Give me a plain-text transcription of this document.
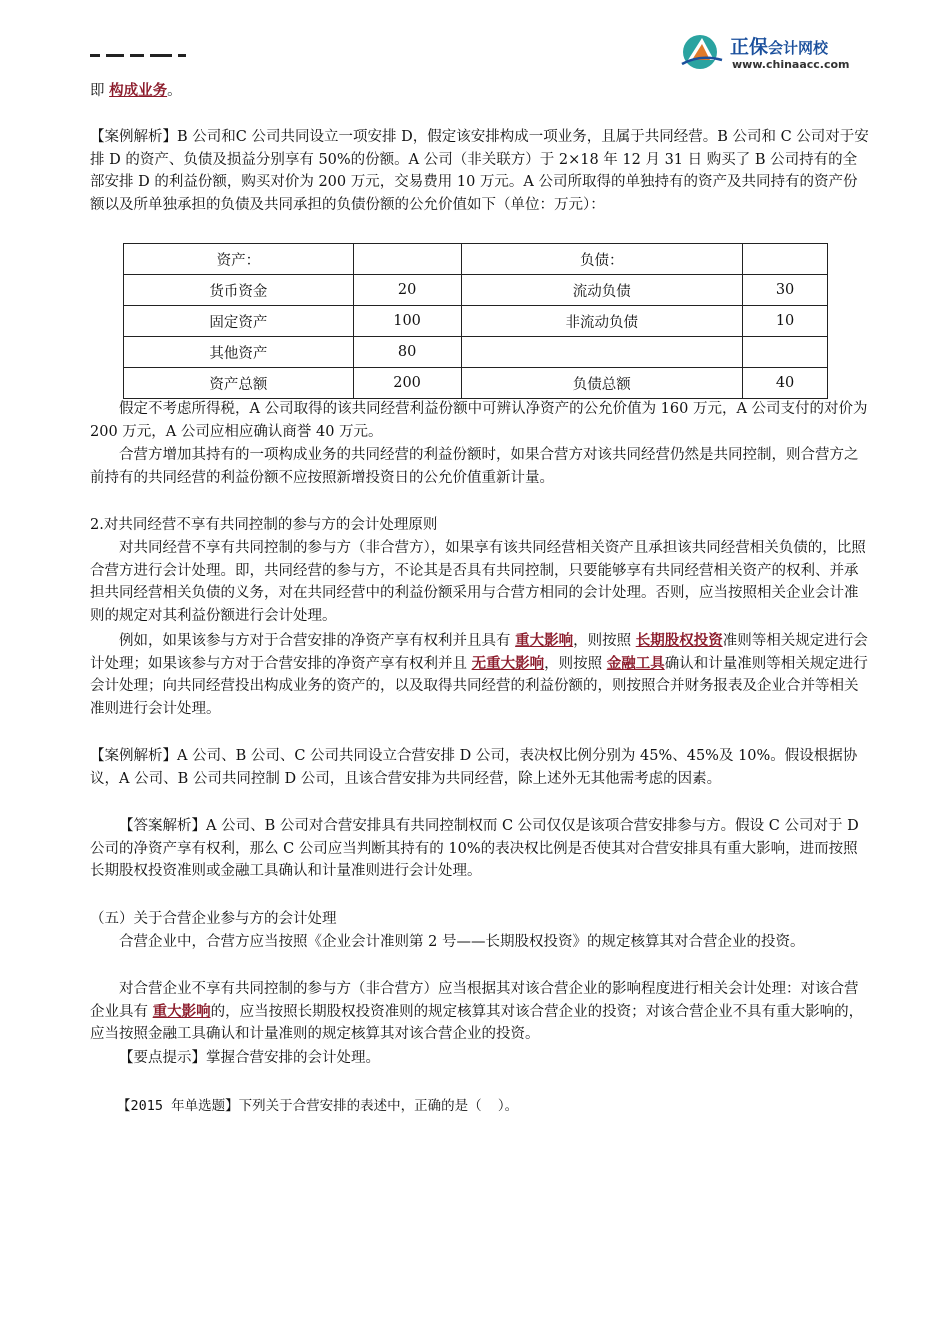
正保会计网校
www.chinaacc.com

即 构成业务。

【案例解析】B 公司和C 公司共同设立一项安排 D，假定该安排构成一项业务，且属于共同经营。B 公司和 C 公司对于安排 D 的资产、负债及损益分别享有 50%的份额。A 公司（非关联方）于 2×18 年 12 月 31 日 购买了 B 公司持有的全部安排 D 的利益份额，购买对价为 200 万元，交易费用 10 万元。A 公司所取得的单独持有的资产及共同持有的资产份额以及所单独承担的负债及共同承担的负债份额的公允价值如下（单位：万元）：

资产：		负债：	
货币资金	20	流动负债	30
固定资产	100	非流动负债	10
其他资产	80		
资产总额	200	负债总额	40

假定不考虑所得税，A 公司取得的该共同经营利益份额中可辨认净资产的公允价值为 160 万元，A 公司支付的对价为 200 万元，A 公司应相应确认商誉 40 万元。

合营方增加其持有的一项构成业务的共同经营的利益份额时，如果合营方对该共同经营仍然是共同控制，则合营方之前持有的共同经营的利益份额不应按照新增投资日的公允价值重新计量。

2.对共同经营不享有共同控制的参与方的会计处理原则

对共同经营不享有共同控制的参与方（非合营方），如果享有该共同经营相关资产且承担该共同经营相关负债的，比照合营方进行会计处理。即，共同经营的参与方，不论其是否具有共同控制，只要能够享有共同经营相关资产的权利、并承担共同经营相关负债的义务，对在共同经营中的利益份额采用与合营方相同的会计处理。否则，应当按照相关企业会计准则的规定对其利益份额进行会计处理。

例如，如果该参与方对于合营安排的净资产享有权利并且具有 重大影响，则按照 长期股权投资准则等相关规定进行会计处理；如果该参与方对于合营安排的净资产享有权利并且 无重大影响，则按照 金融工具确认和计量准则等相关规定进行会计处理；向共同经营投出构成业务的资产的，以及取得共同经营的利益份额的，则按照合并财务报表及企业合并等相关准则进行会计处理。

【案例解析】A 公司、B 公司、C 公司共同设立合营安排 D 公司，表决权比例分别为 45%、45%及 10%。假设根据协议，A 公司、B 公司共同控制 D 公司，且该合营安排为共同经营，除上述外无其他需考虑的因素。

【答案解析】A 公司、B 公司对合营安排具有共同控制权而 C 公司仅仅是该项合营安排参与方。假设 C 公司对于 D 公司的净资产享有权利，那么 C 公司应当判断其持有的 10%的表决权比例是否使其对合营安排具有重大影响，进而按照长期股权投资准则或金融工具确认和计量准则进行会计处理。

（五）关于合营企业参与方的会计处理

合营企业中，合营方应当按照《企业会计准则第 2 号——长期股权投资》的规定核算其对合营企业的投资。

对合营企业不享有共同控制的参与方（非合营方）应当根据其对该合营企业的影响程度进行相关会计处理：对该合营企业具有 重大影响的，应当按照长期股权投资准则的规定核算其对该合营企业的投资；对该合营企业不具有重大影响的，应当按照金融工具确认和计量准则的规定核算其对该合营企业的投资。

【要点提示】掌握合营安排的会计处理。

【2015 年单选题】下列关于合营安排的表述中，正确的是（  ）。
